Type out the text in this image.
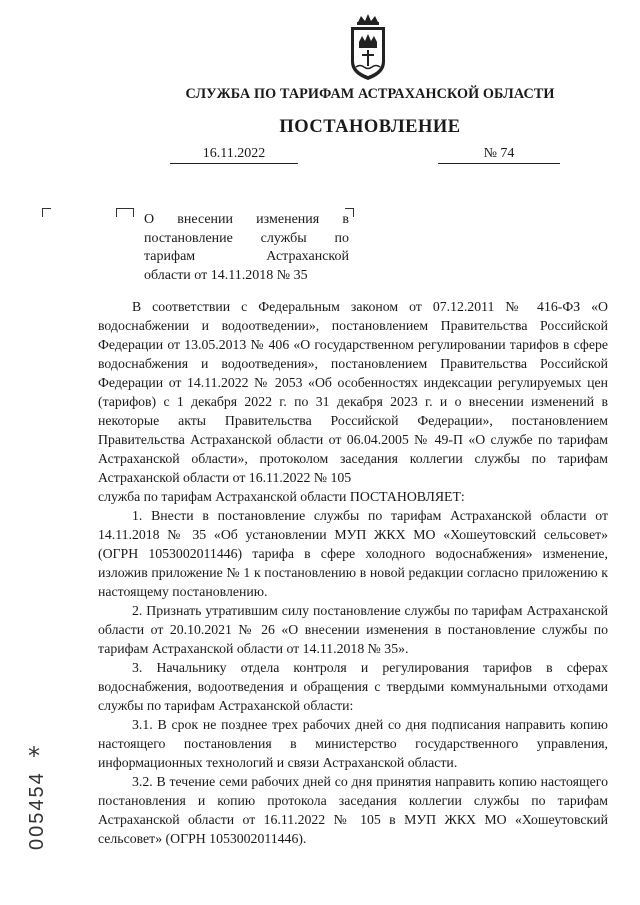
СЛУЖБА ПО ТАРИФАМ АСТРАХАНСКОЙ ОБЛАСТИ
ПОСТАНОВЛЕНИЕ
16.11.2022	№ 74
О внесении изменения в
постановление службы по
тарифам Астраханской
области от 14.11.2018 № 35

В соответствии с Федеральным законом от 07.12.2011 № 416-ФЗ «О водоснабжении и водоотведении», постановлением Правительства Российской Федерации от 13.05.2013 № 406 «О государственном регулировании тарифов в сфере водоснабжения и водоотведения», постановлением Правительства Российской Федерации от 14.11.2022 № 2053 «Об особенностях индексации регулируемых цен (тарифов) с 1 декабря 2022 г. по 31 декабря 2023 г. и о внесении изменений в некоторые акты Правительства Российской Федерации», постановлением Правительства Астраханской области от 06.04.2005 № 49-П «О службе по тарифам Астраханской области», протоколом заседания коллегии службы по тарифам Астраханской области от 16.11.2022 № 105

служба по тарифам Астраханской области ПОСТАНОВЛЯЕТ:

1. Внести в постановление службы по тарифам Астраханской области от 14.11.2018 № 35 «Об установлении МУП ЖКХ МО «Хошеутовский сельсовет» (ОГРН 1053002011446) тарифа в сфере холодного водоснабжения» изменение, изложив приложение № 1 к постановлению в новой редакции согласно приложению к настоящему постановлению.

2. Признать утратившим силу постановление службы по тарифам Астраханской области от 20.10.2021 № 26 «О внесении изменения в постановление службы по тарифам Астраханской области от 14.11.2018 № 35».

3. Начальнику отдела контроля и регулирования тарифов в сферах водоснабжения, водоотведения и обращения с твердыми коммунальными отходами службы по тарифам Астраханской области:

3.1. В срок не позднее трех рабочих дней со дня подписания направить копию настоящего постановления в министерство государственного управления, информационных технологий и связи Астраханской области.

3.2. В течение семи рабочих дней со дня принятия направить копию настоящего постановления и копию протокола заседания коллегии службы по тарифам Астраханской области от 16.11.2022 № 105 в МУП ЖКХ МО «Хошеутовский сельсовет» (ОГРН 1053002011446).

*
005454
